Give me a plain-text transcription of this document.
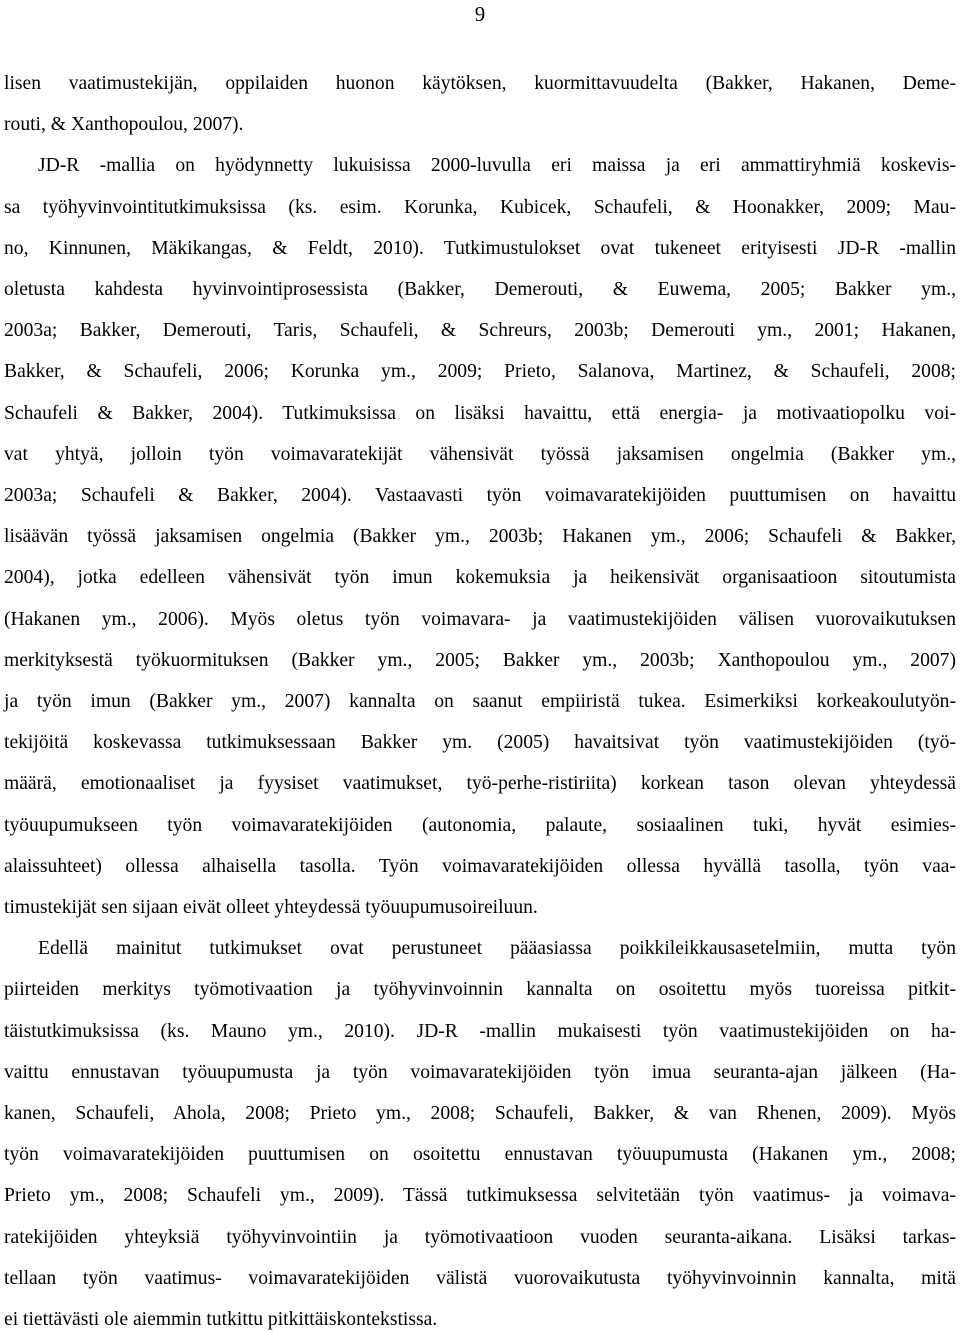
9
lisen vaatimustekijän, oppilaiden huonon käytöksen, kuormittavuudelta (Bakker, Hakanen, Deme-
routi, & Xanthopoulou, 2007).
JD-R -mallia on hyödynnetty lukuisissa 2000-luvulla eri maissa ja eri ammattiryhmiä koskevis-
sa työhyvinvointitutkimuksissa (ks. esim. Korunka, Kubicek, Schaufeli, & Hoonakker, 2009; Mau-
no, Kinnunen, Mäkikangas, & Feldt, 2010). Tutkimustulokset ovat tukeneet erityisesti JD-R -mallin
oletusta kahdesta hyvinvointiprosessista (Bakker, Demerouti, & Euwema, 2005; Bakker ym.,
2003a; Bakker, Demerouti, Taris, Schaufeli, & Schreurs, 2003b; Demerouti ym., 2001; Hakanen,
Bakker, & Schaufeli, 2006; Korunka ym., 2009; Prieto, Salanova, Martinez, & Schaufeli, 2008;
Schaufeli & Bakker, 2004). Tutkimuksissa on lisäksi havaittu, että energia- ja motivaatiopolku voi-
vat yhtyä, jolloin työn voimavaratekijät vähensivät työssä jaksamisen ongelmia (Bakker ym.,
2003a; Schaufeli & Bakker, 2004). Vastaavasti työn voimavaratekijöiden puuttumisen on havaittu
lisäävän työssä jaksamisen ongelmia (Bakker ym., 2003b; Hakanen ym., 2006; Schaufeli & Bakker,
2004), jotka edelleen vähensivät työn imun kokemuksia ja heikensivät organisaatioon sitoutumista
(Hakanen ym., 2006). Myös oletus työn voimavara- ja vaatimustekijöiden välisen vuorovaikutuksen
merkityksestä työkuormituksen (Bakker ym., 2005; Bakker ym., 2003b; Xanthopoulou ym., 2007)
ja työn imun (Bakker ym., 2007) kannalta on saanut empiiristä tukea. Esimerkiksi korkeakoulutyön-
tekijöitä koskevassa tutkimuksessaan Bakker ym. (2005) havaitsivat työn vaatimustekijöiden (työ-
määrä, emotionaaliset ja fyysiset vaatimukset, työ-perhe-ristiriita) korkean tason olevan yhteydessä
työuupumukseen työn voimavaratekijöiden (autonomia, palaute, sosiaalinen tuki, hyvät esimies-
alaissuhteet) ollessa alhaisella tasolla. Työn voimavaratekijöiden ollessa hyvällä tasolla, työn vaa-
timustekijät sen sijaan eivät olleet yhteydessä työuupumusoireiluun.
Edellä mainitut tutkimukset ovat perustuneet pääasiassa poikkileikkausasetelmiin, mutta työn
piirteiden merkitys työmotivaation ja työhyvinvoinnin kannalta on osoitettu myös tuoreissa pitkit-
täistutkimuksissa (ks. Mauno ym., 2010). JD-R -mallin mukaisesti työn vaatimustekijöiden on ha-
vaittu ennustavan työuupumusta ja työn voimavaratekijöiden työn imua seuranta-ajan jälkeen (Ha-
kanen, Schaufeli, Ahola, 2008; Prieto ym., 2008; Schaufeli, Bakker, & van Rhenen, 2009). Myös
työn voimavaratekijöiden puuttumisen on osoitettu ennustavan työuupumusta (Hakanen ym., 2008;
Prieto ym., 2008; Schaufeli ym., 2009). Tässä tutkimuksessa selvitetään työn vaatimus- ja voimava-
ratekijöiden yhteyksiä työhyvinvointiin ja työmotivaatioon vuoden seuranta-aikana. Lisäksi tarkas-
tellaan työn vaatimus- voimavaratekijöiden välistä vuorovaikutusta työhyvinvoinnin kannalta, mitä
ei tiettävästi ole aiemmin tutkittu pitkittäiskontekstissa.
